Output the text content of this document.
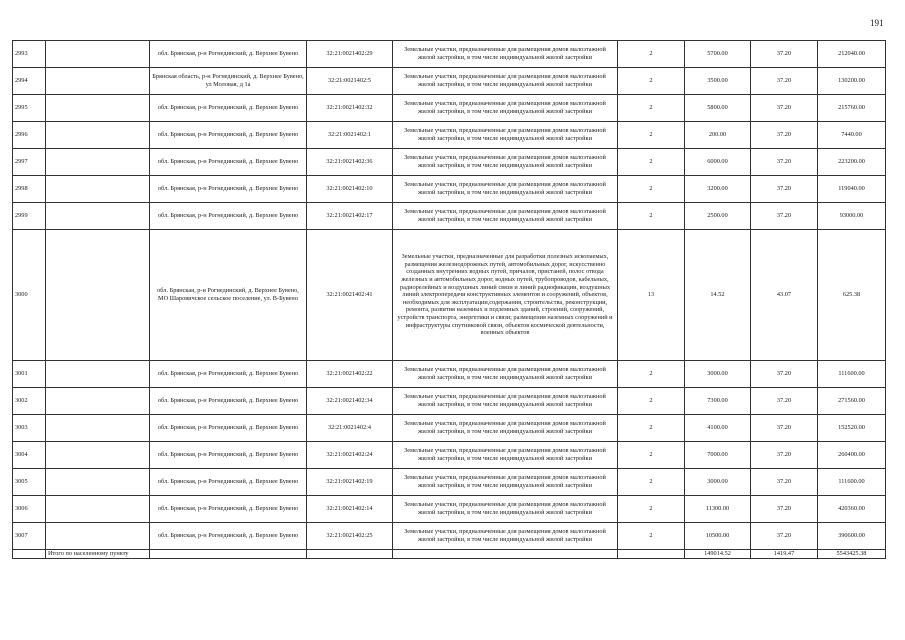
191
2993		обл. Брянская, р-н Рогнединский, д. Верхнее Бувено	32:21:0021402:29	Земельные участки, предназначенные для размещения домов малоэтажной жилой застройки, в том числе индивидуальной жилой застройки	2	5700.00	37.20	212040.00
2994		Брянская область, р-н Рогнединский, д. Верхнее Бувено, ул Моловая, д 1а	32:21:0021402:5	Земельные участки, предназначенные для размещения домов малоэтажной жилой застройки, в том числе индивидуальной жилой застройки	2	3500.00	37.20	130200.00
2995		обл. Брянская, р-н Рогнединский, д. Верхнее Бувено	32:21:0021402:32	Земельные участки, предназначенные для размещения домов малоэтажной жилой застройки, в том числе индивидуальной жилой застройки	2	5800.00	37.20	215760.00
2996		обл. Брянская, р-н Рогнединский, д. Верхнее Бувено	32:21:0021402:1	Земельные участки, предназначенные для размещения домов малоэтажной жилой застройки, в том числе индивидуальной жилой застройки	2	200.00	37.20	7440.00
2997		обл. Брянская, р-н Рогнединский, д. Верхнее Бувено	32:21:0021402:36	Земельные участки, предназначенные для размещения домов малоэтажной жилой застройки, в том числе индивидуальной жилой застройки	2	6000.00	37.20	223200.00
2998		обл. Брянская, р-н Рогнединский, д. Верхнее Бувено	32:21:0021402:10	Земельные участки, предназначенные для размещения домов малоэтажной жилой застройки, в том числе индивидуальной жилой застройки	2	3200.00	37.20	119040.00
2999		обл. Брянская, р-н Рогнединский, д. Верхнее Бувено	32:21:0021402:17	Земельные участки, предназначенные для размещения домов малоэтажной жилой застройки, в том числе индивидуальной жилой застройки	2	2500.00	37.20	93000.00
3000		обл. Брянская, р-н Рогнединский, д. Верхнее Бувено, МО Шаровичское сельское поселение, ул. В-Бувено	32:21:0021402:41	Земельные участки, предназначенные для разработки полезных ископаемых, размещения железнодорожных путей, автомобильных дорог, искусственно созданных внутренних водных путей, причалов, пристаней, полос отвода железных и автомобильных дорог, водных путей, трубопроводов, кабельных, радиорелейных и воздушных линий связи и линий радиофикации, воздушных линий электропередачи конструктивных элементов и сооружений, объектов, необходимых для эксплуатации,содержания, строительства, реконструкции, ремонта, развития наземных и подземных зданий, строений, сооружений, устройств транспорта, энергетики и связи; размещения наземных сооружений и инфраструктуры спутниковой связи, объектов космической деятельности, военных объектов	13	14.52	43.07	625.38
3001		обл. Брянская, р-н Рогнединский, д. Верхнее Бувено	32:21:0021402:22	Земельные участки, предназначенные для размещения домов малоэтажной жилой застройки, в том числе индивидуальной жилой застройки	2	3000.00	37.20	111600.00
3002		обл. Брянская, р-н Рогнединский, д. Верхнее Бувено	32:21:0021402:34	Земельные участки, предназначенные для размещения домов малоэтажной жилой застройки, в том числе индивидуальной жилой застройки	2	7300.00	37.20	271560.00
3003		обл. Брянская, р-н Рогнединский, д. Верхнее Бувено	32:21:0021402:4	Земельные участки, предназначенные для размещения домов малоэтажной жилой застройки, в том числе индивидуальной жилой застройки	2	4100.00	37.20	152520.00
3004		обл. Брянская, р-н Рогнединский, д. Верхнее Бувено	32:21:0021402:24	Земельные участки, предназначенные для размещения домов малоэтажной жилой застройки, в том числе индивидуальной жилой застройки	2	7000.00	37.20	260400.00
3005		обл. Брянская, р-н Рогнединский, д. Верхнее Бувено	32:21:0021402:19	Земельные участки, предназначенные для размещения домов малоэтажной жилой застройки, в том числе индивидуальной жилой застройки	2	3000.00	37.20	111600.00
3006		обл. Брянская, р-н Рогнединский, д. Верхнее Бувено	32:21:0021402:14	Земельные участки, предназначенные для размещения домов малоэтажной жилой застройки, в том числе индивидуальной жилой застройки	2	11300.00	37.20	420360.00
3007		обл. Брянская, р-н Рогнединский, д. Верхнее Бувено	32:21:0021402:25	Земельные участки, предназначенные для размещения домов малоэтажной жилой застройки, в том числе индивидуальной жилой застройки	2	10500.00	37.20	390600.00
	Итого по населенному пункту					149014.52	1419.47	5543425.38
